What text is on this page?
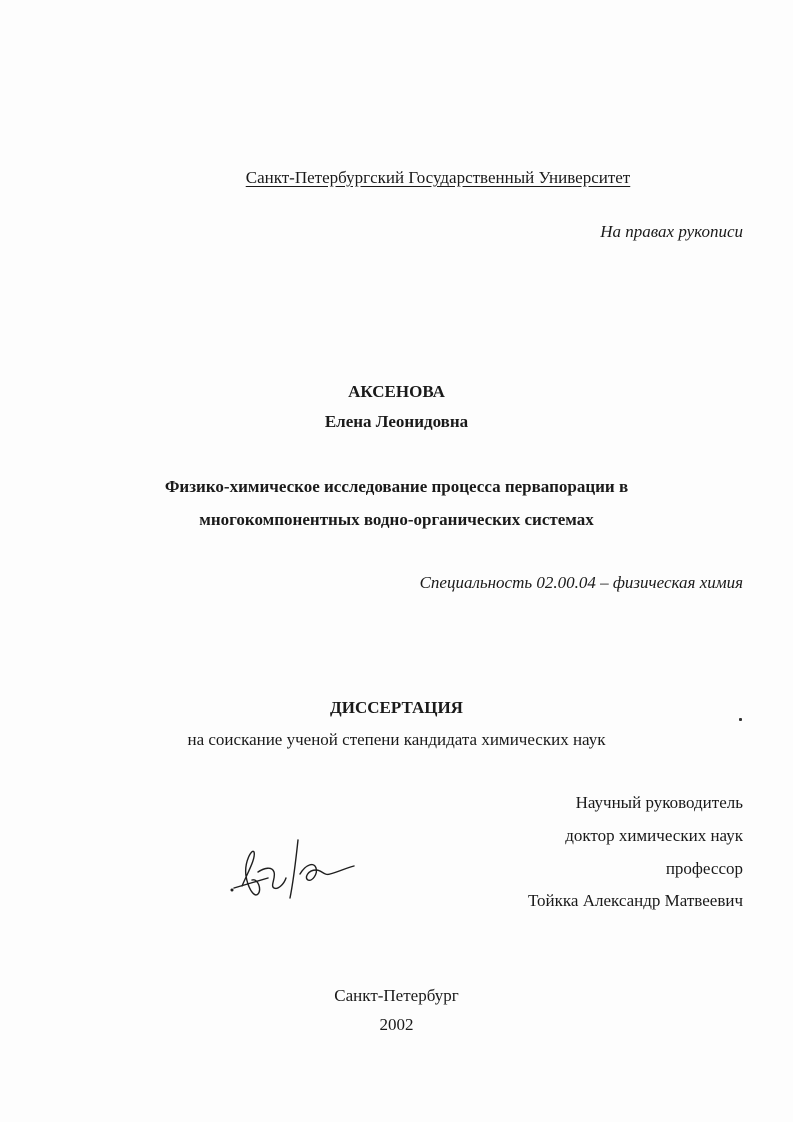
Санкт-Петербургский Государственный Университет
На правах рукописи
АКСЕНОВА
Елена Леонидовна
Физико-химическое исследование процесса первапорации в
многокомпонентных водно-органических системах
Специальность 02.00.04 – физическая химия
ДИССЕРТАЦИЯ
на соискание ученой степени кандидата химических наук
Научный руководитель
доктор химических наук
профессор
Тойкка Александр Матвеевич
Санкт-Петербург
2002
